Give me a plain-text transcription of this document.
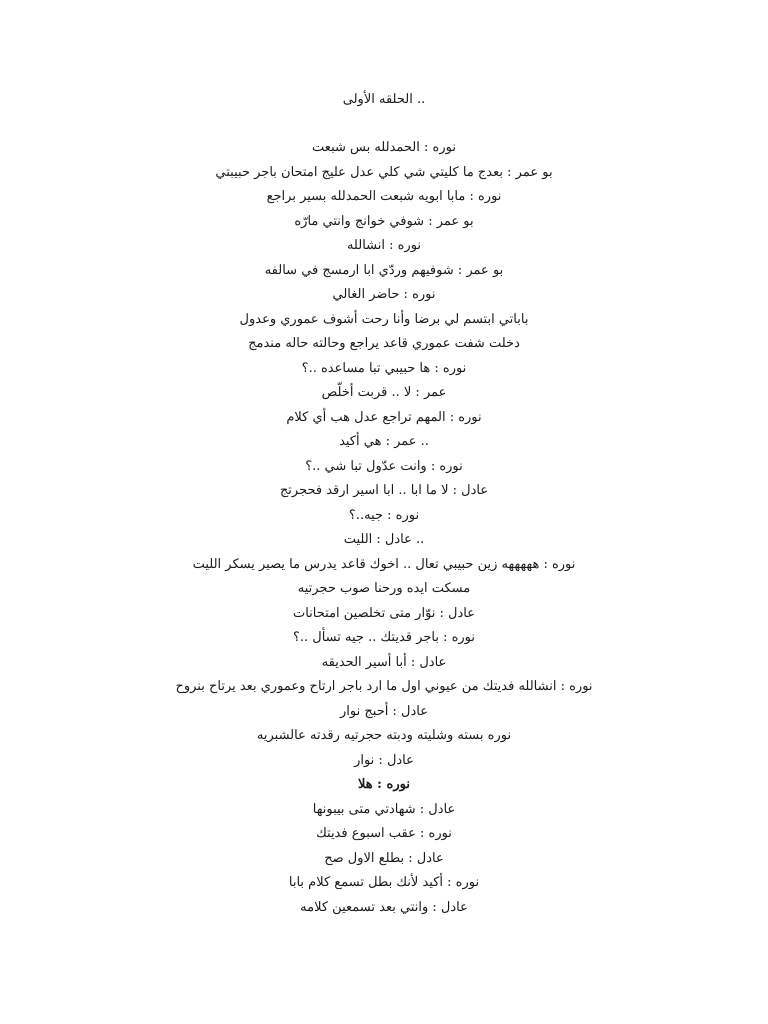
.. الحلقه الأولى
نوره : الحمدلله بس شبعت
بو عمر : بعدج ما كليتي شي كلي عدل عليج امتحان باجر حبيبتي
نوره : مابا ابويه شبعت الحمدلله بسير براجع
بو عمر : شوفي خوانج وانتي مارّه
نوره : انشالله
بو عمر : شوفيهم وردّي ابا ارمسج في سالفه
نوره : حاضر الغالي
باباتي ابتسم لي برضا وأنا رحت أشوف عموري وعدول
دخلت شفت عموري قاعد يراجع وحالته حاله مندمج
نوره : ها حبيبي تبا مساعده ..؟
عمر : لا .. قربت أخلّص
نوره : المهم تراجع عدل هب أي كلام
.. عمر : هي أكيد
نوره : وانت عدّول تبا شي ..؟
عادل : لا ما ابا .. ابا اسير ارقد فحجرتج
نوره : جيه..؟
.. عادل : الليت
نوره : هههههه زين حبيبي تعال .. اخوك قاعد يدرس ما يصير يسكر الليت
مسكت ايده ورحنا صوب حجرتيه
عادل : نوّار متى تخلصين امتحانات
نوره : باجر قديتك .. جيه تسأل ..؟
عادل : أبا أسير الحديقه
نوره : انشالله فديتك من عيوني اول ما ارد باجر ارتاح وعموري بعد يرتاح بنروح
عادل : أحبج نوار
نوره بسته وشليته ودبته حجرتيه رقدته عالشبريه
عادل : نوار
نوره : هلا
عادل : شهادتي متى بيبونها
نوره : عقب اسبوع فديتك
عادل : بطلع الاول صح
نوره : أكيد لأنك بطل تسمع كلام بابا
عادل : وانتي بعد تسمعين كلامه
